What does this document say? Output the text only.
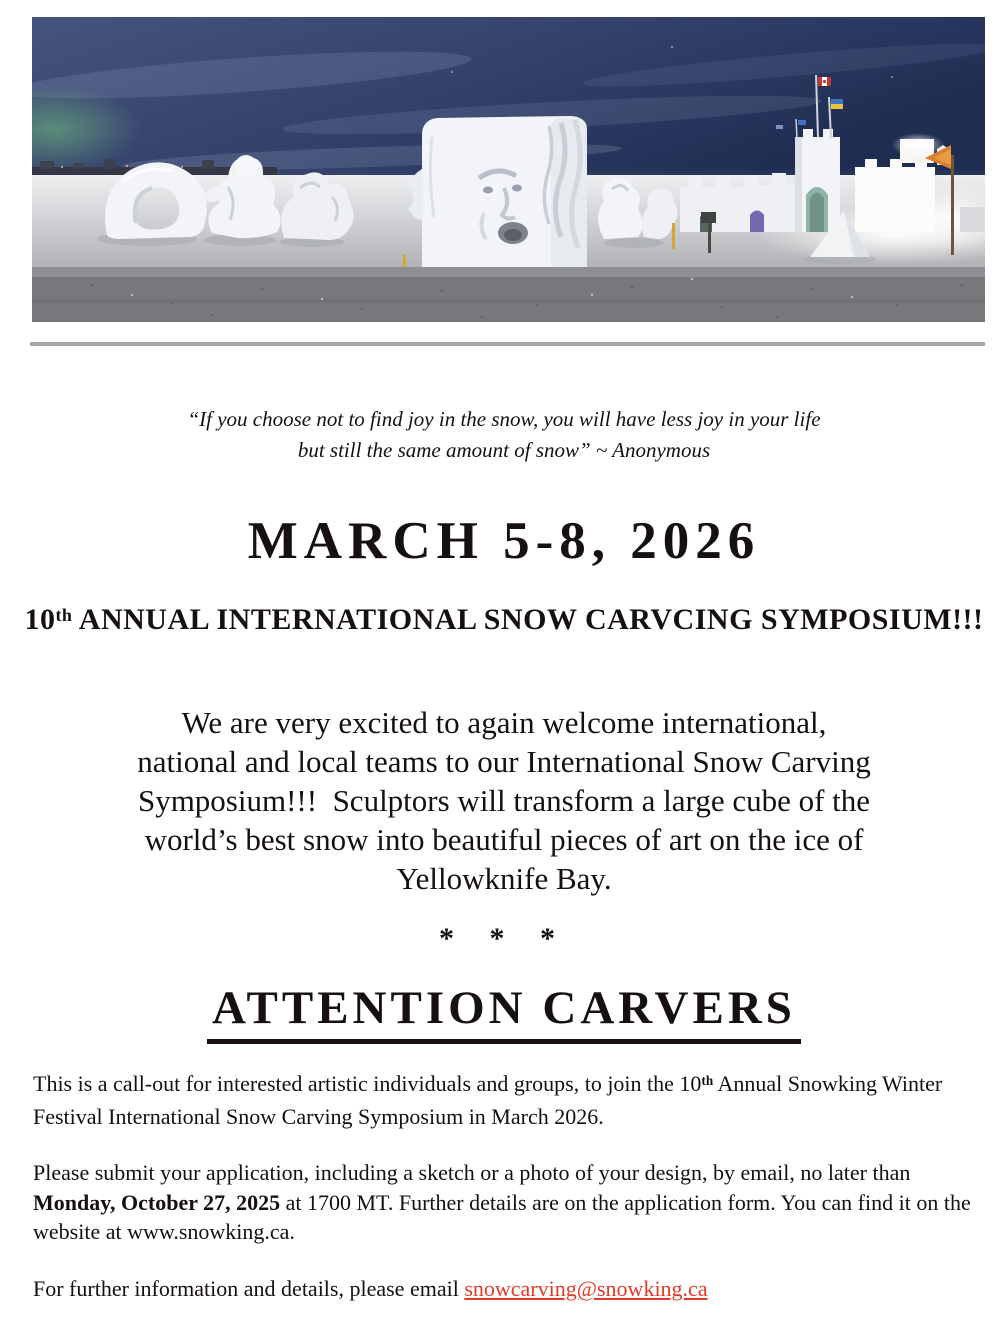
“If you choose not to find joy in the snow, you will have less joy in your life
but still the same amount of snow” ~ Anonymous
MARCH 5-8, 2026
10th ANNUAL INTERNATIONAL SNOW CARVCING SYMPOSIUM!!!
We are very excited to again welcome international,
national and local teams to our International Snow Carving
Symposium!!!  Sculptors will transform a large cube of the
world’s best snow into beautiful pieces of art on the ice of
Yellowknife Bay.
* * *
ATTENTION CARVERS
This is a call-out for interested artistic individuals and groups, to join the 10th Annual Snowking Winter Festival International Snow Carving Symposium in March 2026.
Please submit your application, including a sketch or a photo of your design, by email, no later than Monday, October 27, 2025 at 1700 MT. Further details are on the application form. You can find it on the website at www.snowking.ca.
For further information and details, please email snowcarving@snowking.ca
